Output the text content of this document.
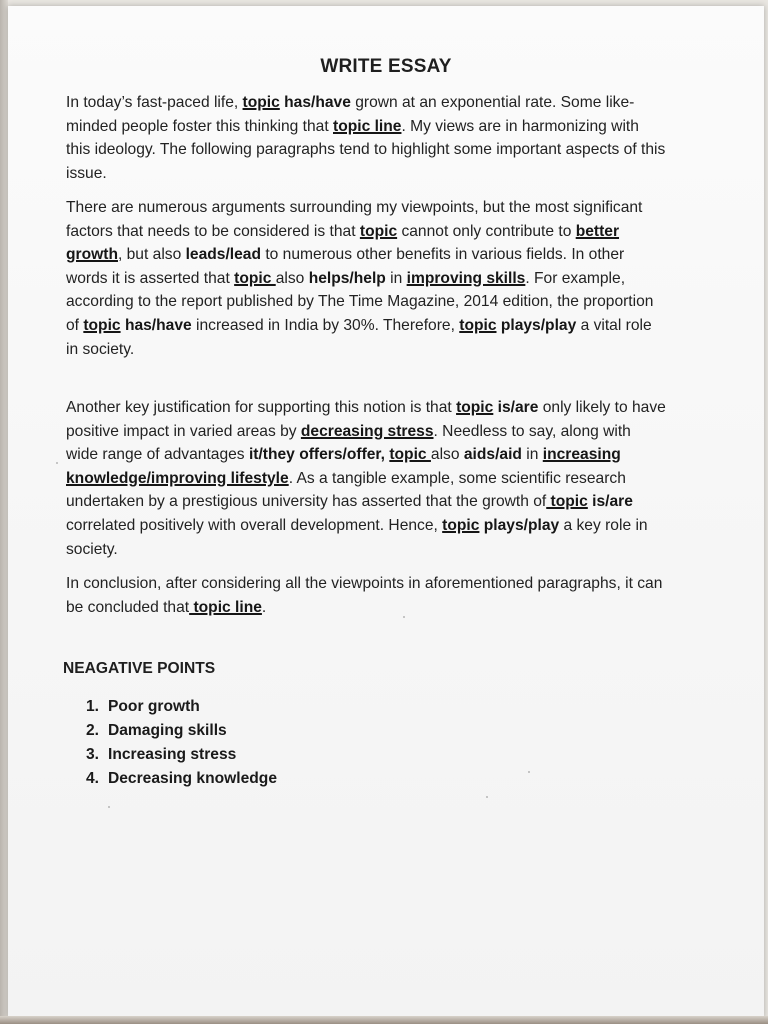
WRITE ESSAY
In today’s fast-paced life, topic has/have grown at an exponential rate. Some like-minded people foster this thinking that topic line. My views are in harmonizing with this ideology. The following paragraphs tend to highlight some important aspects of this issue.
There are numerous arguments surrounding my viewpoints, but the most significant factors that needs to be considered is that topic cannot only contribute to better growth, but also leads/lead to numerous other benefits in various fields. In other words it is asserted that topic also helps/help in improving skills. For example, according to the report published by The Time Magazine, 2014 edition, the proportion of topic has/have increased in India by 30%. Therefore, topic plays/play a vital role in society.
Another key justification for supporting this notion is that topic is/are only likely to have positive impact in varied areas by decreasing stress. Needless to say, along with wide range of advantages it/they offers/offer, topic also aids/aid in increasing knowledge/improving lifestyle. As a tangible example, some scientific research undertaken by a prestigious university has asserted that the growth of topic is/are correlated positively with overall development. Hence, topic plays/play a key role in society.
In conclusion, after considering all the viewpoints in aforementioned paragraphs, it can be concluded that topic line.
NEAGATIVE POINTS
1. Poor growth
2. Damaging skills
3. Increasing stress
4. Decreasing knowledge
